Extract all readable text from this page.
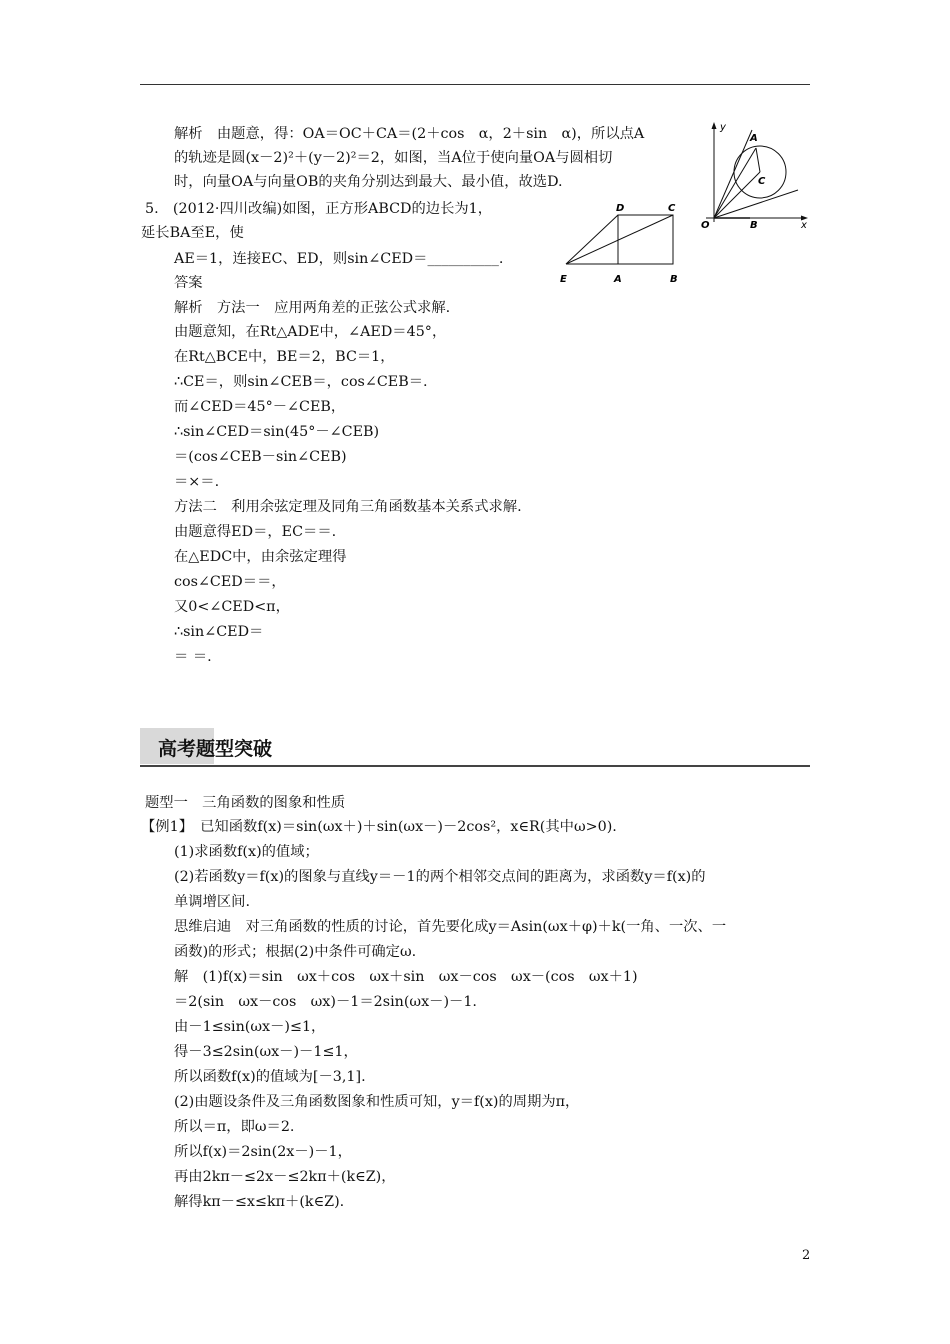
解析　由题意，得：OA＝OC＋CA＝(2＋cos　α，2＋sin　α)，所以点A
的轨迹是圆(x－2)²＋(y－2)²＝2，如图，当A位于使向量OA与圆相切
时，向量OA与向量OB的夹角分别达到最大、最小值，故选D.
5.　(2012·四川改编)如图，正方形ABCD的边长为1，
延长BA至E，使
AE＝1，连接EC、ED，则sin∠CED＝__________.
答案
解析　方法一　应用两角差的正弦公式求解.
由题意知，在Rt△ADE中，∠AED＝45°，
在Rt△BCE中，BE＝2，BC＝1，
∴CE＝，则sin∠CEB＝，cos∠CEB＝.
而∠CED＝45°－∠CEB，
∴sin∠CED＝sin(45°－∠CEB)
＝(cos∠CEB－sin∠CEB)
＝×＝.
方法二　利用余弦定理及同角三角函数基本关系式求解.
由题意得ED＝，EC＝＝.
在△EDC中，由余弦定理得
cos∠CED＝＝，
又0<∠CED<π，
∴sin∠CED＝
＝ ＝.
题型一　三角函数的图象和性质
【例1】　已知函数f(x)＝sin(ωx＋)＋sin(ωx－)－2cos²，x∈R(其中ω>0).
(1)求函数f(x)的值域；
(2)若函数y＝f(x)的图象与直线y＝－1的两个相邻交点间的距离为，求函数y＝f(x)的
单调增区间.
思维启迪　对三角函数的性质的讨论，首先要化成y＝Asin(ωx＋φ)＋k(一角、一次、一
函数)的形式；根据(2)中条件可确定ω.
解　(1)f(x)＝sin　ωx＋cos　ωx＋sin　ωx－cos　ωx－(cos　ωx＋1)
＝2(sin　ωx－cos　ωx)－1＝2sin(ωx－)－1.
由－1≤sin(ωx－)≤1，
得－3≤2sin(ωx－)－1≤1，
所以函数f(x)的值域为[－3,1].
(2)由题设条件及三角函数图象和性质可知，y＝f(x)的周期为π，
所以＝π，即ω＝2.
所以f(x)＝2sin(2x－)－1，
再由2kπ－≤2x－≤2kπ＋(k∈Z)，
解得kπ－≤x≤kπ＋(k∈Z).
y
A
C
O	B	x
D	C
E	A	B
高考题型突破
2
